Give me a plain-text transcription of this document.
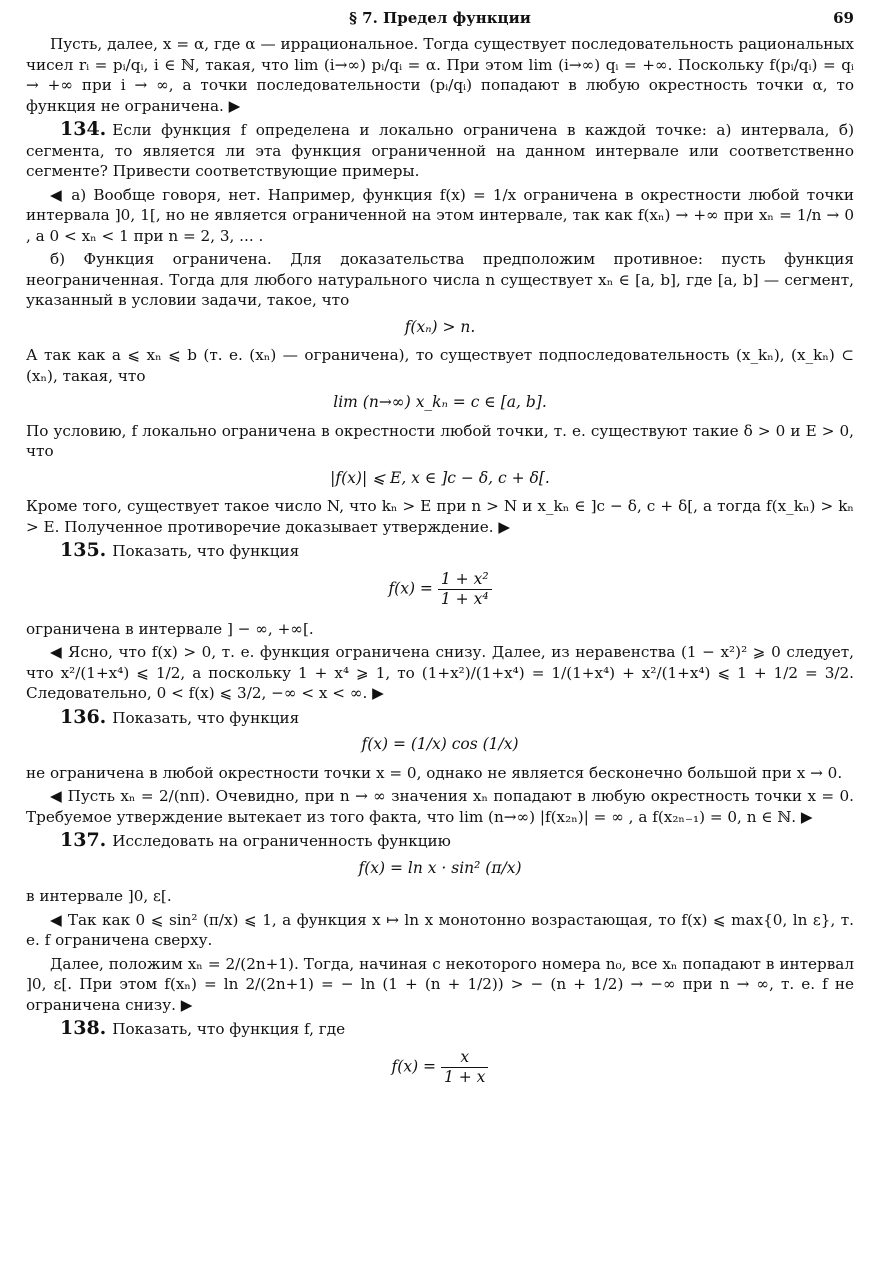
§ 7. Предел функции	69

Пусть, далее, x = α, где α — иррациональное. Тогда существует последовательность рациональных чисел rᵢ = pᵢ/qᵢ, i ∈ ℕ, такая, что lim (i→∞) pᵢ/qᵢ = α. При этом lim (i→∞) qᵢ = +∞. Поскольку f(pᵢ/qᵢ) = qᵢ → +∞ при i → ∞, а точки последовательности (pᵢ/qᵢ) попадают в любую окрестность точки α, то функция не ограничена. ▶

134. Если функция f определена и локально ограничена в каждой точке: а) интервала, б) сегмента, то является ли эта функция ограниченной на данном интервале или соответственно сегменте? Привести соответствующие примеры.

◀ а) Вообще говоря, нет. Например, функция f(x) = 1/x ограничена в окрестности любой точки интервала ]0, 1[, но не является ограниченной на этом интервале, так как f(xₙ) → +∞ при xₙ = 1/n → 0 , а 0 < xₙ < 1 при n = 2, 3, ... .

б) Функция ограничена. Для доказательства предположим противное: пусть функция неограниченная. Тогда для любого натурального числа n существует xₙ ∈ [a, b], где [a, b] — сегмент, указанный в условии задачи, такое, что

f(xₙ) > n.

А так как a ⩽ xₙ ⩽ b (т. е. (xₙ) — ограничена), то существует подпоследовательность (x_kₙ), (x_kₙ) ⊂ (xₙ), такая, что

lim (n→∞) x_kₙ = c ∈ [a, b].

По условию, f локально ограничена в окрестности любой точки, т. е. существуют такие δ > 0 и E > 0, что

|f(x)| ⩽ E, x ∈ ]c − δ, c + δ[.

Кроме того, существует такое число N, что kₙ > E при n > N и x_kₙ ∈ ]c − δ, c + δ[, а тогда f(x_kₙ) > kₙ > E. Полученное противоречие доказывает утверждение. ▶

135. Показать, что функция

$f(x) = \frac{\text{1 + x²}}{\text{1 + x⁴}}$

ограничена в интервале ] − ∞, +∞[.

◀ Ясно, что f(x) > 0, т. е. функция ограничена снизу. Далее, из неравенства (1 − x²)² ⩾ 0 следует, что x²/(1+x⁴) ⩽ 1/2, а поскольку 1 + x⁴ ⩾ 1, то (1+x²)/(1+x⁴) = 1/(1+x⁴) + x²/(1+x⁴) ⩽ 1 + 1/2 = 3/2. Следовательно, 0 < f(x) ⩽ 3/2, −∞ < x < ∞. ▶

136. Показать, что функция

f(x) = (1/x) cos (1/x)

не ограничена в любой окрестности точки x = 0, однако не является бесконечно большой при x → 0.

◀ Пусть xₙ = 2/(nπ). Очевидно, при n → ∞ значения xₙ попадают в любую окрестность точки x = 0. Требуемое утверждение вытекает из того факта, что lim (n→∞) |f(x₂ₙ)| = ∞ , а f(x₂ₙ₋₁) = 0, n ∈ ℕ. ▶

137. Исследовать на ограниченность функцию

f(x) = ln x · sin² (π/x)

в интервале ]0, ε[.

◀ Так как 0 ⩽ sin² (π/x) ⩽ 1, а функция x ↦ ln x монотонно возрастающая, то f(x) ⩽ max{0, ln ε}, т. е. f ограничена сверху.

Далее, положим xₙ = 2/(2n+1). Тогда, начиная с некоторого номера n₀, все xₙ попадают в интервал ]0, ε[. При этом f(xₙ) = ln 2/(2n+1) = − ln (1 + (n + 1/2)) > − (n + 1/2) → −∞ при n → ∞, т. е. f не ограничена снизу. ▶

138. Показать, что функция f, где

$f(x) = \frac{x}{1 + x}$
